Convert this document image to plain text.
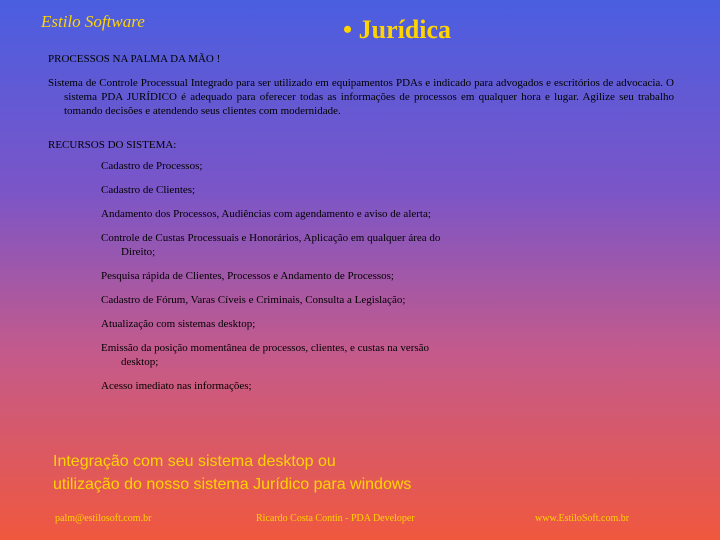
Estilo Software	• Jurídica

PROCESSOS NA PALMA DA MÃO !

Sistema de Controle Processual Integrado para ser utilizado em equipamentos PDAs e indicado para advogados e escritórios de advocacia. O sistema PDA JURÍDICO é adequado para oferecer todas as informações de processos em qualquer hora e lugar. Agilize seu trabalho tomando decisões e atendendo seus clientes com modernidade.

RECURSOS DO SISTEMA:

Cadastro de Processos;
Cadastro de Clientes;
Andamento dos Processos, Audiências com agendamento e aviso de alerta;
Controle de Custas Processuais e Honorários, Aplicação em qualquer área do Direito;
Pesquisa rápida de Clientes, Processos e Andamento de Processos;
Cadastro de Fórum, Varas Cíveis e Criminais, Consulta a Legislação;
Atualização com sistemas desktop;
Emissão da posição momentânea de processos, clientes, e custas na versão desktop;
Acesso imediato nas informações;
Integração com seu sistema desktop ou
utilização do nosso sistema Jurídico para windows
palm@estilosoft.com.br	Ricardo Costa Contin - PDA Developer	www.EstiloSoft.com.br
